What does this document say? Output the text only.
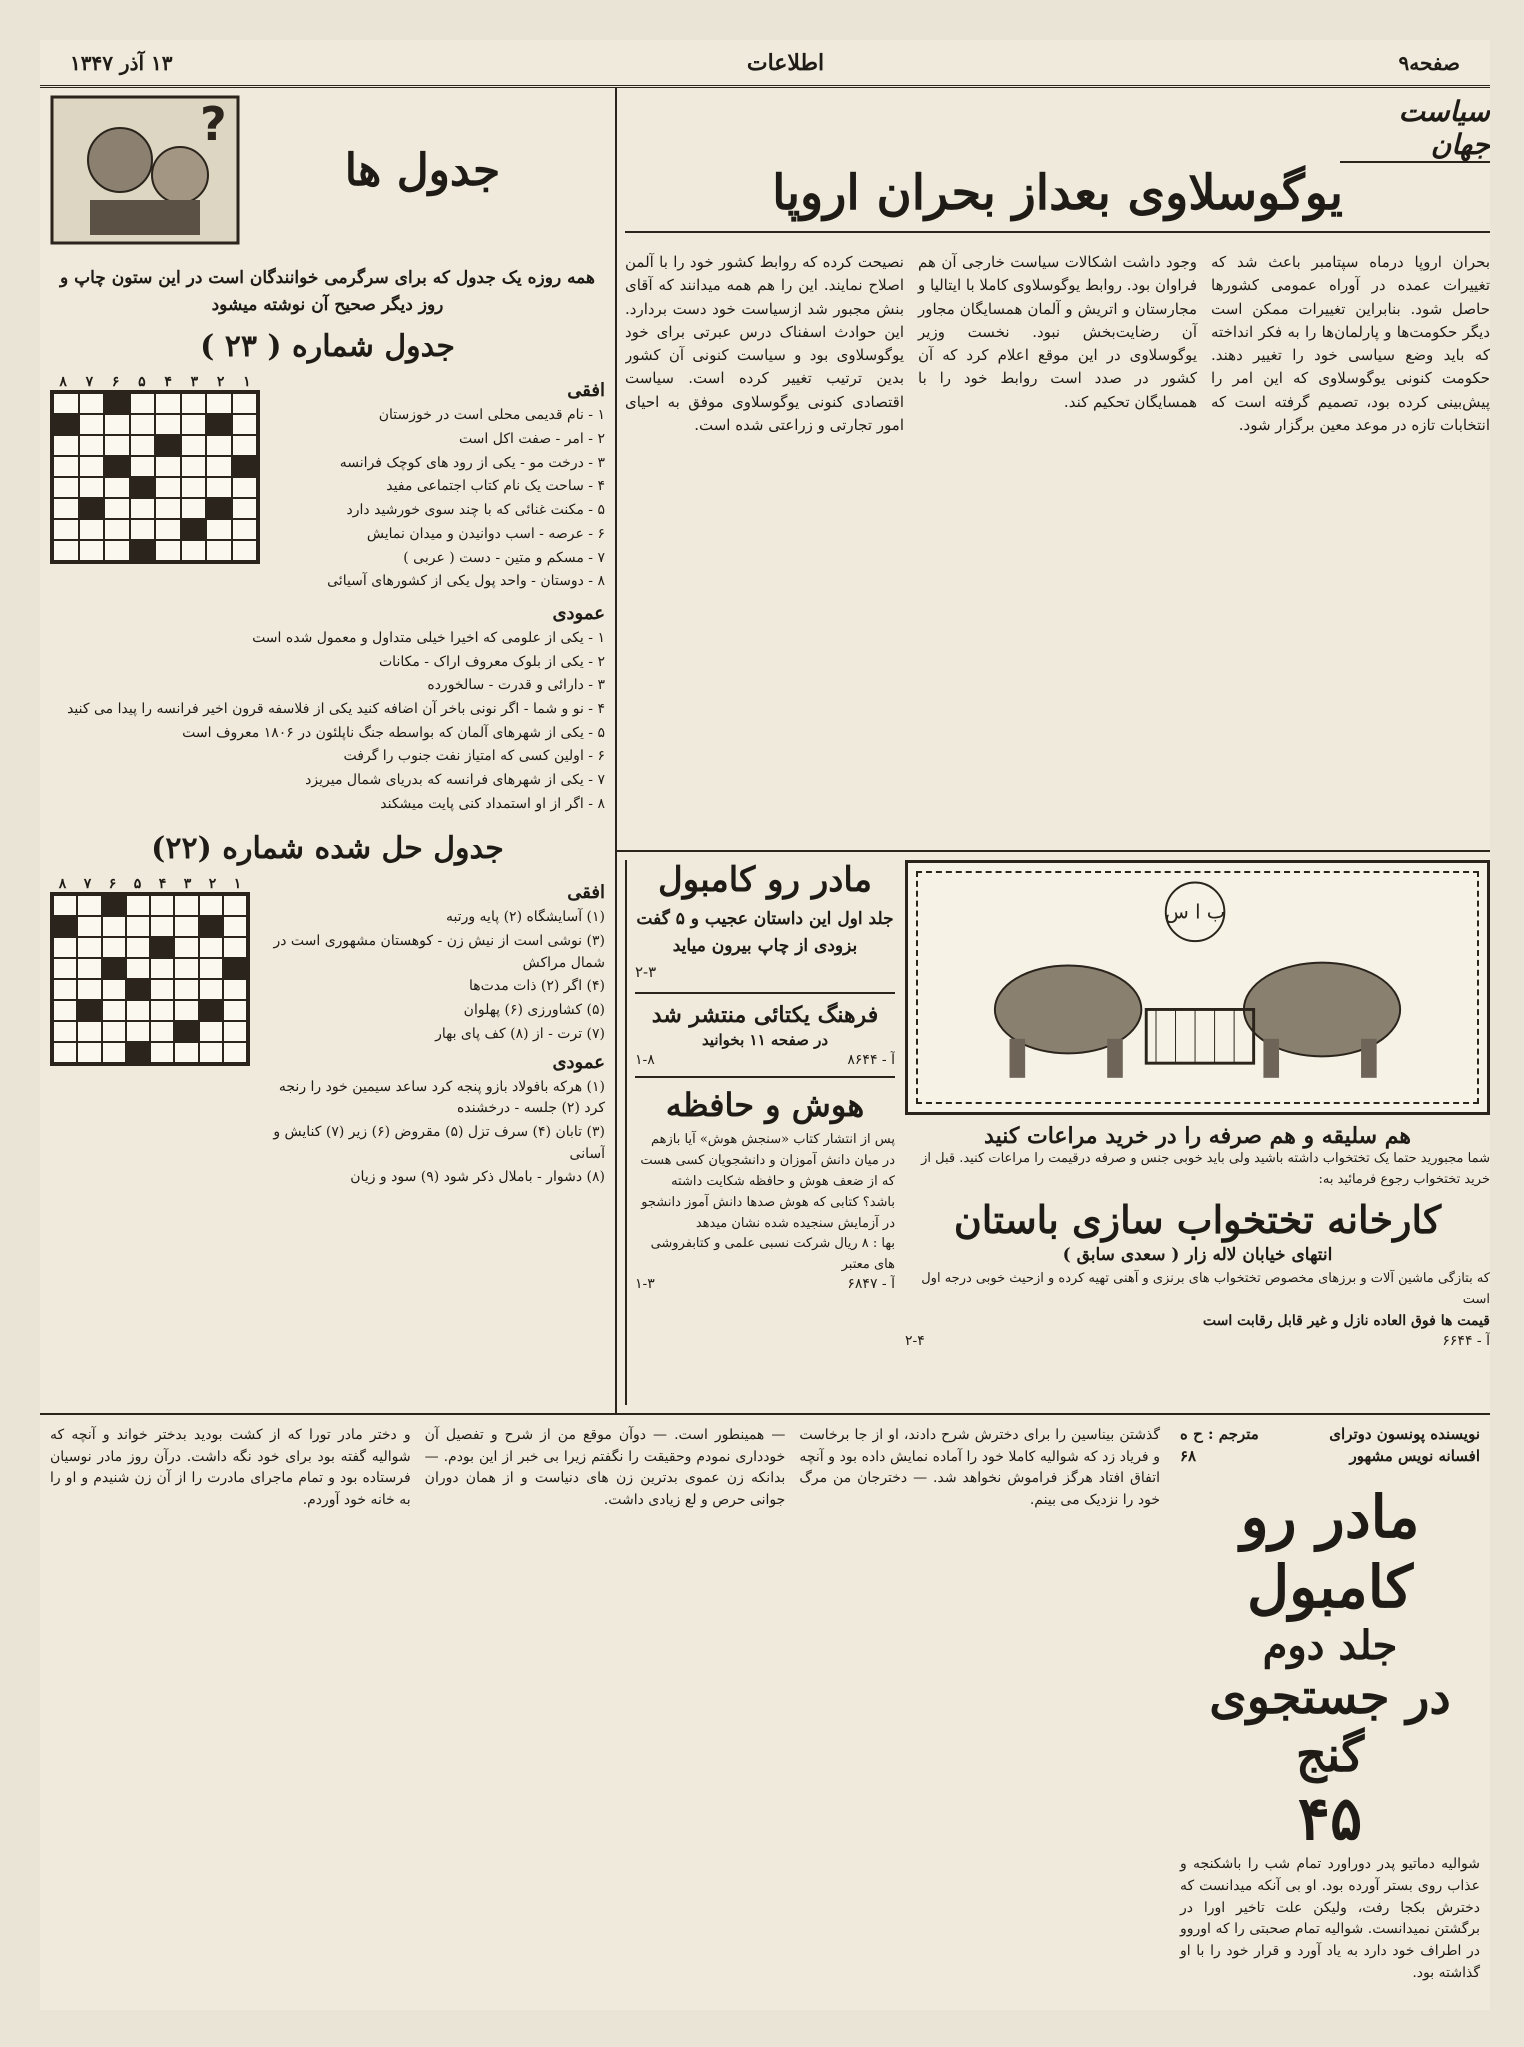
صفحه۹
اطلاعات
۱۳ آذر ۱۳۴۷
سیاست جهان
یوگوسلاوی بعداز بحران اروپا
بحران اروپا درماه سپتامبر باعث شد که تغییرات عمده در آوراه عمومی کشورها حاصل شود. بنابراین تغییرات ممکن است دیگر حکومت‌ها و پارلمان‌ها را به فکر انداخته که باید وضع سیاسی خود را تغییر دهند. حکومت کنونی یوگوسلاوی که این امر را پیش‌بینی کرده بود، تصمیم گرفته است که انتخابات تازه در موعد معین برگزار شود.
وجود داشت اشکالات سیاست خارجی آن هم فراوان بود. روابط یوگوسلاوی کاملا با ایتالیا و مجارستان و اتریش و آلمان همسایگان مجاور آن رضایت‌بخش نبود. نخست وزیر یوگوسلاوی در این موقع اعلام کرد که آن کشور در صدد است روابط خود را با همسایگان تحکیم کند.
نصیحت کرده که روابط کشور خود را با آلمن اصلاح نمایند. این را هم همه میدانند که آقای بنش مجبور شد ازسیاست خود دست بردارد. این حوادث اسفناک درس عبرتی برای خود یوگوسلاوی بود و سیاست کنونی آن کشور بدین ترتیب تغییر کرده است. سیاست اقتصادی کنونی یوگوسلاوی موفق به احیای امور تجارتی و زراعتی شده است.
?
جدول ها
همه روزه یک جدول که برای سرگرمی خوانندگان است در این ستون چاپ و روز دیگر صحیح آن نوشته میشود
جدول شماره ( ۲۳ )
۱
۲
۳
۴
۵
۶
۷
۸	افقی
۱ - نام قدیمی محلی است در خوزستان
۲ - امر - صفت اکل است
۳ - درخت مو - یکی از رود های کوچک فرانسه
۴ - ساحت یک نام کتاب اجتماعی مفید
۵ - مکنت غنائی که با چند سوی خورشید دارد
۶ - عرصه - اسب دوانیدن و میدان نمایش
۷ - مسکم و متین - دست ( عربی )
۸ - دوستان - واحد پول یکی از کشورهای آسیائی
عمودی
۱ - یکی از علومی که اخیرا خیلی متداول و معمول شده است
۲ - یکی از بلوک معروف اراک - مکانات
۳ - دارائی و قدرت - سالخورده
۴ - نو و شما - اگر نونی باخر آن اضافه کنید یکی از فلاسفه قرون اخیر فرانسه را پیدا می کنید
۵ - یکی از شهرهای آلمان که بواسطه جنگ ناپلئون در ۱۸۰۶ معروف است
۶ - اولین کسی که امتیاز نفت جنوب را گرفت
۷ - یکی از شهرهای فرانسه که بدریای شمال میریزد
۸ - اگر از او استمداد کنی پایت میشکند
جدول حل شده شماره (۲۲)
۱
۲
۳
۴
۵
۶
۷
۸	افقی
(۱) آسایشگاه (۲) پایه ورتبه
(۳) نوشی است از نیش زن - کوهستان مشهوری است در شمال مراکش
(۴) اگر (۲) ذات مدت‌ها
(۵) کشاورزی (۶) پهلوان
(۷) ترت - از (۸) کف پای بهار
عمودی
(۱) هرکه بافولاد بازو پنجه کرد ساعد سیمین خود را رنجه کرد (۲) جلسه - درخشنده
(۳) تابان (۴) سرف تزل (۵) مقروض (۶) زیر (۷) کنایش و آسانی
(۸) دشوار - باملال ذکر شود (۹) سود و زیان
مادر رو کامبول
جلد اول این داستان عجیب و ۵ گفت بزودی از چاپ بیرون میاید
۲-۳
فرهنگ یکتائی منتشر شد
در صفحه ۱۱ بخوانید
آ - ۸۶۴۴
۱-۸
هوش و حافظه
پس از انتشار کتاب «سنجش هوش» آیا بازهم در میان دانش آموزان و دانشجویان کسی هست که از ضعف هوش و حافظه شکایت داشته باشد؟ کتابی که هوش صدها دانش آموز دانشجو در آزمایش سنجیده شده نشان میدهد
بها : ۸ ریال شرکت نسبی علمی و کتابفروشی های معتبر
آ - ۶۸۴۷
۱-۳
ب ا س
هم سلیقه و هم صرفه را در خرید مراعات کنید
شما مجبورید حتما یک تختخواب داشته باشید ولی باید خوبی جنس و صرفه درقیمت را مراعات کنید. قبل از خرید تختخواب رجوع فرمائید به:
کارخانه تختخواب سازی باستان
انتهای خیابان لاله زار ( سعدی سابق )
که بتازگی ماشین آلات و برزهای مخصوص تختخواب های برنزی و آهنی تهیه کرده و ازحیث خوبی درجه اول است
قیمت ها فوق العاده نازل و غیر قابل رقابت است
آ - ۶۶۴۴
۲-۴
نویسنده پونسون دوترای
مترجم : ح ه
افسانه نویس مشهور
۶۸
مادر رو کامبول
جلد دوم
در جستجوی گنج
۴۵
شوالیه دماتیو پدر دوراورد تمام شب را باشکنجه و عذاب روی بستر آورده بود. او بی آنکه میدانست که دخترش بکجا رفت، ولیکن علت تاخیر اورا در برگشتن نمیدانست. شوالیه تمام صحبتی را که اوروو در اطراف خود دارد به یاد آورد و قرار خود را با او گذاشته بود.
گذشتن بیناسین را برای دخترش شرح دادند، او از جا برخاست و فریاد زد که شوالیه کاملا خود را آماده نمایش داده بود و آنچه اتفاق افتاد هرگز فراموش نخواهد شد. — دخترجان من مرگ خود را نزدیک می بینم.
— همینطور است. — دوآن موقع من از شرح و تفصیل آن خودداری نمودم وحقیقت را نگفتم زیرا بی خبر از این بودم. — بدانکه زن عموی بدترین زن های دنیاست و از همان دوران جوانی حرص و لع زیادی داشت.
و دختر مادر تورا که از کشت بودید بدختر خواند و آنچه که شوالیه گفته بود برای خود نگه داشت. درآن روز مادر نوسیان فرستاده بود و تمام ماجرای مادرت را از آن زن شنیدم و او را به خانه خود آوردم.
